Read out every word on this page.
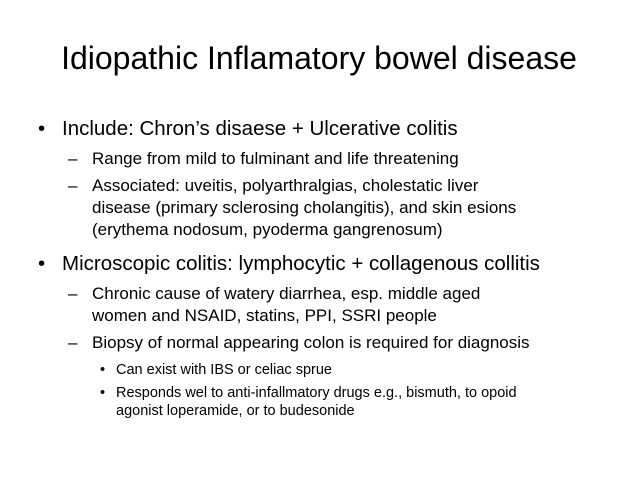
Idiopathic Inflamatory bowel disease
• Include: Chron’s disaese + Ulcerative colitis
– Range from mild to fulminant and life threatening
– Associated: uveitis, polyarthralgias, cholestatic liver
disease (primary sclerosing cholangitis), and skin esions
(erythema nodosum, pyoderma gangrenosum)
• Microscopic colitis: lymphocytic + collagenous collitis
– Chronic cause of watery diarrhea, esp. middle aged
women and NSAID, statins, PPI, SSRI people
– Biopsy of normal appearing colon is required for diagnosis
• Can exist with IBS or celiac sprue
• Responds wel to anti-infallmatory drugs e.g., bismuth, to opoid
agonist loperamide, or to budesonide
